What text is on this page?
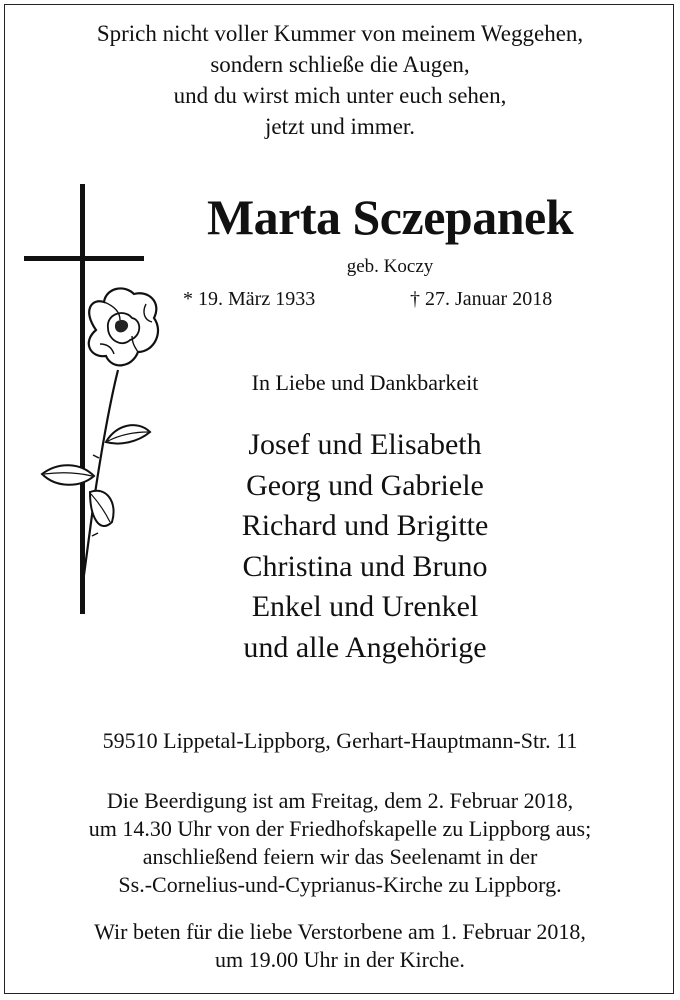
Sprich nicht voller Kummer von meinem Weggehen,
sondern schließe die Augen,
und du wirst mich unter euch sehen,
jetzt und immer.
Marta Sczepanek
geb. Koczy
* 19. März 1933	† 27. Januar 2018
In Liebe und Dankbarkeit
Josef und Elisabeth
Georg und Gabriele
Richard und Brigitte
Christina und Bruno
Enkel und Urenkel
und alle Angehörige
59510 Lippetal-Lippborg, Gerhart-Hauptmann-Str. 11
Die Beerdigung ist am Freitag, dem 2. Februar 2018,
um 14.30 Uhr von der Friedhofskapelle zu Lippborg aus;
anschließend feiern wir das Seelenamt in der
Ss.-Cornelius-und-Cyprianus-Kirche zu Lippborg.
Wir beten für die liebe Verstorbene am 1. Februar 2018,
um 19.00 Uhr in der Kirche.
